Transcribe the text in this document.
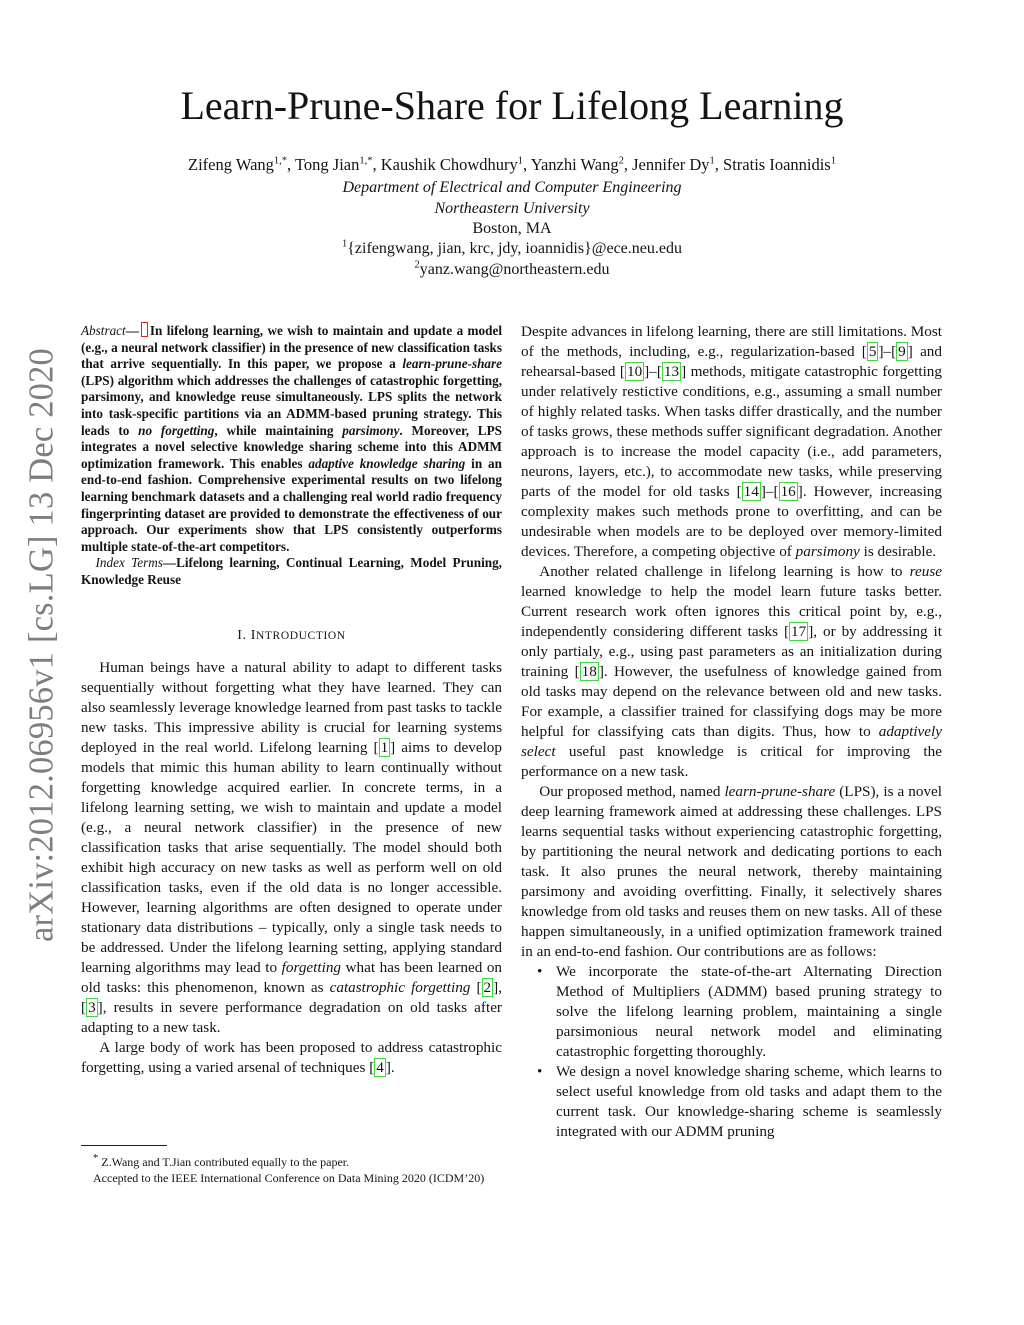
arXiv:2012.06956v1 [cs.LG] 13 Dec 2020
Learn-Prune-Share for Lifelong Learning
Zifeng Wang$^{1,*}$, Tong Jian$^{1,*}$, Kaushik Chowdhury$^1$, Yanzhi Wang$^2$, Jennifer Dy$^1$, Stratis Ioannidis$^1$
Department of Electrical and Computer Engineering
Northeastern University
Boston, MA
$^1${zifengwang, jian, krc, jdy, ioannidis}@ece.neu.edu
$^2$yanz.wang@northeastern.edu

Abstract— In lifelong learning, we wish to maintain and update a model (e.g., a neural network classifier) in the presence of new classification tasks that arrive sequentially. In this paper, we propose a learn-prune-share (LPS) algorithm which addresses the challenges of catastrophic forgetting, parsimony, and knowledge reuse simultaneously. LPS splits the network into task-specific partitions via an ADMM-based pruning strategy. This leads to no forgetting, while maintaining parsimony. Moreover, LPS integrates a novel selective knowledge sharing scheme into this ADMM optimization framework. This enables adaptive knowledge sharing in an end-to-end fashion. Comprehensive experimental results on two lifelong learning benchmark datasets and a challenging real world radio frequency fingerprinting dataset are provided to demonstrate the effectiveness of our approach. Our experiments show that LPS consistently outperforms multiple state-of-the-art competitors.

Index Terms—Lifelong learning, Continual Learning, Model Pruning, Knowledge Reuse

I. INTRODUCTION

Human beings have a natural ability to adapt to different tasks sequentially without forgetting what they have learned. They can also seamlessly leverage knowledge learned from past tasks to tackle new tasks. This impressive ability is crucial for learning systems deployed in the real world. Lifelong learning [ 1 ] aims to develop models that mimic this human ability to learn continually without forgetting knowledge acquired earlier. In concrete terms, in a lifelong learning setting, we wish to maintain and update a model (e.g., a neural network classifier) in the presence of new classification tasks that arise sequentially. The model should both exhibit high accuracy on new tasks as well as perform well on old classification tasks, even if the old data is no longer accessible. However, learning algorithms are often designed to operate under stationary data distributions – typically, only a single task needs to be addressed. Under the lifelong learning setting, applying standard learning algorithms may lead to forgetting what has been learned on old tasks: this phenomenon, known as catastrophic forgetting [ 2 ], [ 3 ], results in severe performance degradation on old tasks after adapting to a new task.

A large body of work has been proposed to address catastrophic forgetting, using a varied arsenal of techniques [ 4 ].

* Z.Wang and T.Jian contributed equally to the paper.
Accepted to the IEEE International Conference on Data Mining 2020 (ICDM’20)

Despite advances in lifelong learning, there are still limitations. Most of the methods, including, e.g., regularization-based [ 5 ]–[ 9 ] and rehearsal-based [ 10 ]–[ 13 ] methods, mitigate catastrophic forgetting under relatively restictive conditions, e.g., assuming a small number of highly related tasks. When tasks differ drastically, and the number of tasks grows, these methods suffer significant degradation. Another approach is to increase the model capacity (i.e., add parameters, neurons, layers, etc.), to accommodate new tasks, while preserving parts of the model for old tasks [ 14 ]–[ 16 ]. However, increasing complexity makes such methods prone to overfitting, and can be undesirable when models are to be deployed over memory-limited devices. Therefore, a competing objective of parsimony is desirable.

Another related challenge in lifelong learning is how to reuse learned knowledge to help the model learn future tasks better. Current research work often ignores this critical point by, e.g., independently considering different tasks [ 17 ], or by addressing it only partialy, e.g., using past parameters as an initialization during training [ 18 ]. However, the usefulness of knowledge gained from old tasks may depend on the relevance between old and new tasks. For example, a classifier trained for classifying dogs may be more helpful for classifying cats than digits. Thus, how to adaptively select useful past knowledge is critical for improving the performance on a new task.

Our proposed method, named learn-prune-share (LPS), is a novel deep learning framework aimed at addressing these challenges. LPS learns sequential tasks without experiencing catastrophic forgetting, by partitioning the neural network and dedicating portions to each task. It also prunes the neural network, thereby maintaining parsimony and avoiding overfitting. Finally, it selectively shares knowledge from old tasks and reuses them on new tasks. All of these happen simultaneously, in a unified optimization framework trained in an end-to-end fashion. Our contributions are as follows:

• We incorporate the state-of-the-art Alternating Direction Method of Multipliers (ADMM) based pruning strategy to solve the lifelong learning problem, maintaining a single parsimonious neural network model and eliminating catastrophic forgetting thoroughly.
• We design a novel knowledge sharing scheme, which learns to select useful knowledge from old tasks and adapt them to the current task. Our knowledge-sharing scheme is seamlessly integrated with our ADMM pruning
